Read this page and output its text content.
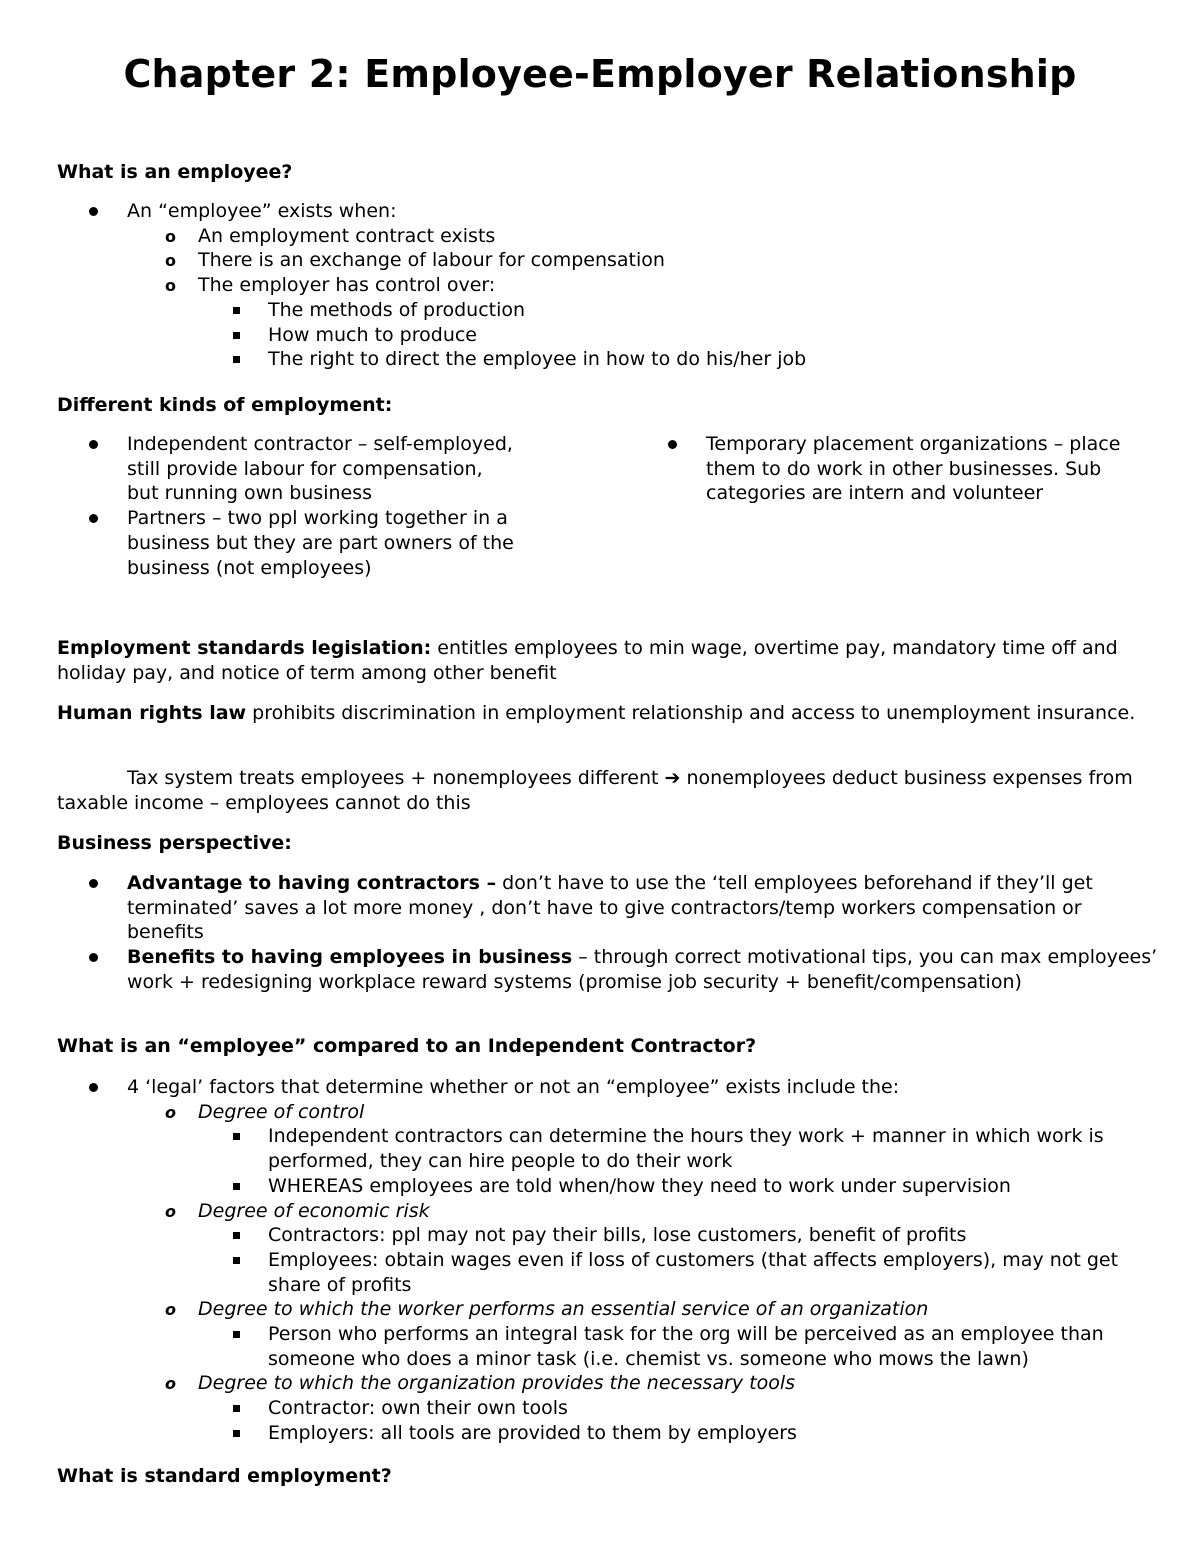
Chapter 2: Employee-Employer Relationship

What is an employee?

An “employee” exists when:
o An employment contract exists
o There is an exchange of labour for compensation
o The employer has control over:
The methods of production
How much to produce
The right to direct the employee in how to do his/her job

Different kinds of employment:

Independent contractor – self-employed, still provide labour for compensation, but running own business
Partners – two ppl working together in a business but they are part owners of the business (not employees)
Temporary placement organizations – place them to do work in other businesses. Sub categories are intern and volunteer

Employment standards legislation: entitles employees to min wage, overtime pay, mandatory time off and holiday pay, and notice of term among other benefit

Human rights law prohibits discrimination in employment relationship and access to unemployment insurance.

Tax system treats employees + nonemployees different ➔ nonemployees deduct business expenses from taxable income – employees cannot do this

Business perspective:

Advantage to having contractors – don’t have to use the ‘tell employees beforehand if they’ll get terminated’ saves a lot more money , don’t have to give contractors/temp workers compensation or benefits
Benefits to having employees in business – through correct motivational tips, you can max employees’ work + redesigning workplace reward systems (promise job security + benefit/compensation)

What is an “employee” compared to an Independent Contractor?

4 ‘legal’ factors that determine whether or not an “employee” exists include the:
o Degree of control
Independent contractors can determine the hours they work + manner in which work is performed, they can hire people to do their work
WHEREAS employees are told when/how they need to work under supervision
o Degree of economic risk
Contractors: ppl may not pay their bills, lose customers, benefit of profits
Employees: obtain wages even if loss of customers (that affects employers), may not get share of profits
o Degree to which the worker performs an essential service of an organization
Person who performs an integral task for the org will be perceived as an employee than someone who does a minor task (i.e. chemist vs. someone who mows the lawn)
o Degree to which the organization provides the necessary tools
Contractor: own their own tools
Employers: all tools are provided to them by employers

What is standard employment?
